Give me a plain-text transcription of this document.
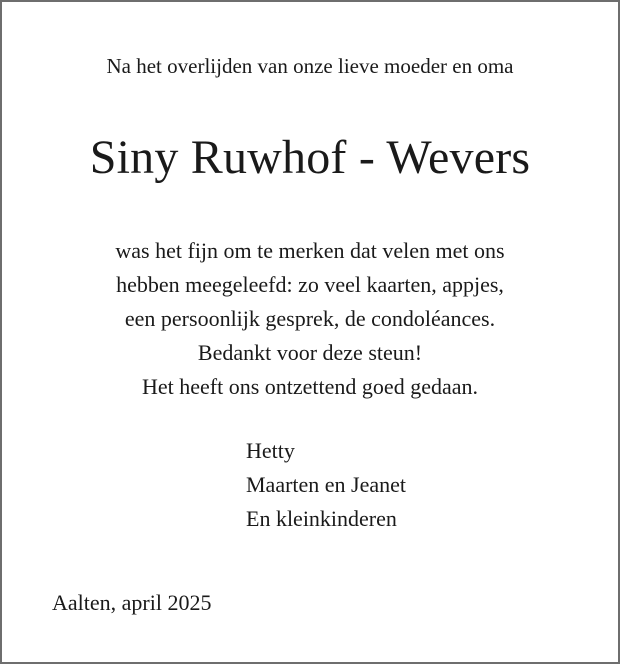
Na het overlijden van onze lieve moeder en oma
Siny Ruwhof - Wevers
was het fijn om te merken dat velen met ons
hebben meegeleefd: zo veel kaarten, appjes,
een persoonlijk gesprek, de condoléances.
Bedankt voor deze steun!
Het heeft ons ontzettend goed gedaan.
Hetty
Maarten en Jeanet
En kleinkinderen
Aalten, april 2025
